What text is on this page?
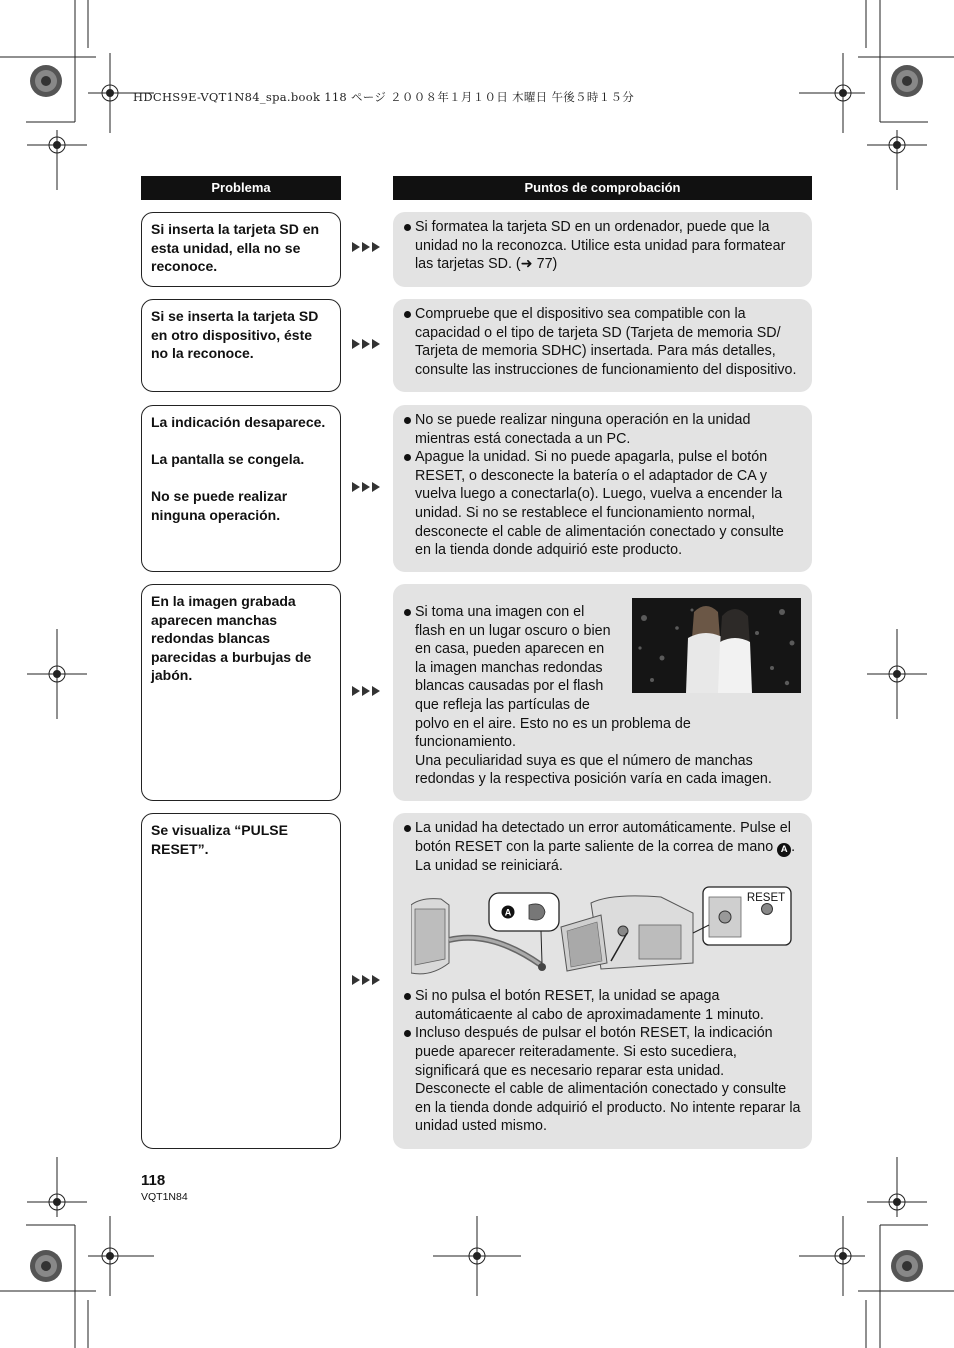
HDCHS9E-VQT1N84_spa.book 118 ページ ２００８年１月１０日 木曜日 午後５時１５分
Problema	Puntos de comprobación

Si inserta la tarjeta SD en esta unidad, ella no se reconoce.

Si formatea la tarjeta SD en un ordenador, puede que la unidad no la reconozca. Utilice esta unidad para formatear las tarjetas SD. (➜ 77)

Si se inserta la tarjeta SD en otro dispositivo, éste no la reconoce.

Compruebe que el dispositivo sea compatible con la capacidad o el tipo de tarjeta SD (Tarjeta de memoria SD/ Tarjeta de memoria SDHC) insertada. Para más detalles, consulte las instrucciones de funcionamiento del dispositivo.

La indicación desaparece.

La pantalla se congela.

No se puede realizar ninguna operación.

No se puede realizar ninguna operación en la unidad mientras está conectada a un PC.
Apague la unidad. Si no puede apagarla, pulse el botón RESET, o desconecte la batería o el adaptador de CA y vuelva luego a conectarla(o). Luego, vuelva a encender la unidad. Si no se restablece el funcionamiento normal, desconecte el cable de alimentación conectado y consulte en la tienda donde adquirió este producto.

En la imagen grabada aparecen manchas redondas blancas parecidas a burbujas de jabón.

Si toma una imagen con el
flash en un lugar oscuro o bien
en casa, pueden aparecen en
la imagen manchas redondas
blancas causadas por el flash
que refleja las partículas de
polvo en el aire. Esto no es un problema de
funcionamiento.
Una peculiaridad suya es que el número de manchas redondas y la respectiva posición varía en cada imagen.

Se visualiza “PULSE RESET”.

La unidad ha detectado un error automáticamente. Pulse el botón RESET con la parte saliente de la correa de mano A . La unidad se reiniciará.
Si no pulsa el botón RESET, la unidad se apaga automáticaente al cabo de aproximadamente 1 minuto.
Incluso después de pulsar el botón RESET, la indicación puede aparecer reiteradamente. Si esto sucediera, significará que es necesario reparar esta unidad. Desconecte el cable de alimentación conectado y consulte en la tienda donde adquirió el producto. No intente reparar la unidad usted mismo.
A
RESET
118
VQT1N84
